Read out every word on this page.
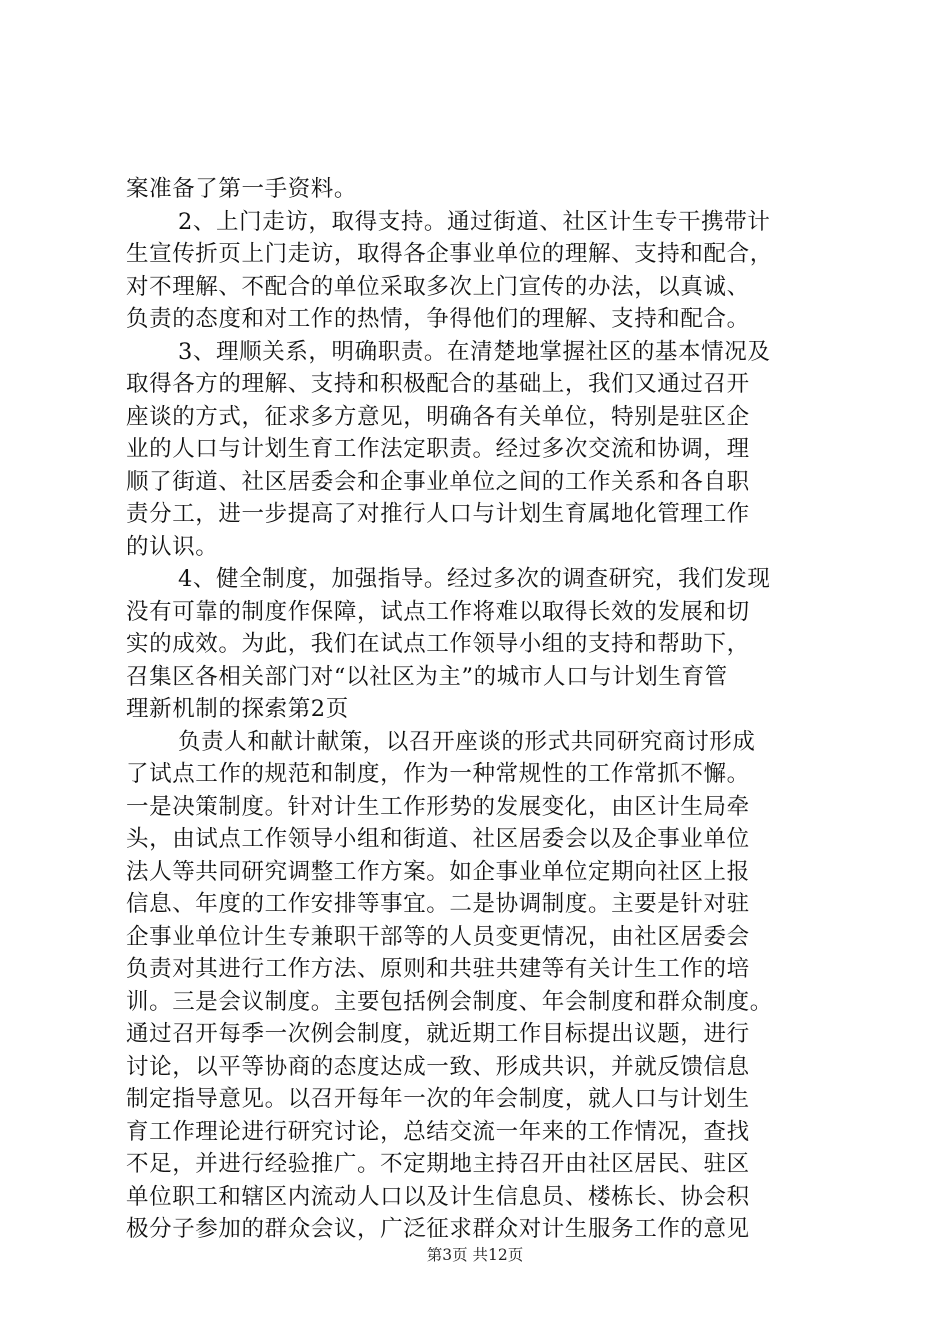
案准备了第一手资料。
2、上门走访，取得支持。通过街道、社区计生专干携带计
生宣传折页上门走访，取得各企事业单位的理解、支持和配合，
对不理解、不配合的单位采取多次上门宣传的办法，以真诚、
负责的态度和对工作的热情，争得他们的理解、支持和配合。
3、理顺关系，明确职责。在清楚地掌握社区的基本情况及
取得各方的理解、支持和积极配合的基础上，我们又通过召开
座谈的方式，征求多方意见，明确各有关单位，特别是驻区企
业的人口与计划生育工作法定职责。经过多次交流和协调，理
顺了街道、社区居委会和企事业单位之间的工作关系和各自职
责分工，进一步提高了对推行人口与计划生育属地化管理工作
的认识。
4、健全制度，加强指导。经过多次的调查研究，我们发现
没有可靠的制度作保障，试点工作将难以取得长效的发展和切
实的成效。为此，我们在试点工作领导小组的支持和帮助下，
召集区各相关部门对“以社区为主”的城市人口与计划生育管
理新机制的探索第2页
负责人和献计献策，以召开座谈的形式共同研究商讨形成
了试点工作的规范和制度，作为一种常规性的工作常抓不懈。
一是决策制度。针对计生工作形势的发展变化，由区计生局牵
头，由试点工作领导小组和街道、社区居委会以及企事业单位
法人等共同研究调整工作方案。如企事业单位定期向社区上报
信息、年度的工作安排等事宜。二是协调制度。主要是针对驻
企事业单位计生专兼职干部等的人员变更情况，由社区居委会
负责对其进行工作方法、原则和共驻共建等有关计生工作的培
训。三是会议制度。主要包括例会制度、年会制度和群众制度。
通过召开每季一次例会制度，就近期工作目标提出议题，进行
讨论，以平等协商的态度达成一致、形成共识，并就反馈信息
制定指导意见。以召开每年一次的年会制度，就人口与计划生
育工作理论进行研究讨论，总结交流一年来的工作情况，查找
不足，并进行经验推广。不定期地主持召开由社区居民、驻区
单位职工和辖区内流动人口以及计生信息员、楼栋长、协会积
极分子参加的群众会议，广泛征求群众对计生服务工作的意见
第3页 共12页
